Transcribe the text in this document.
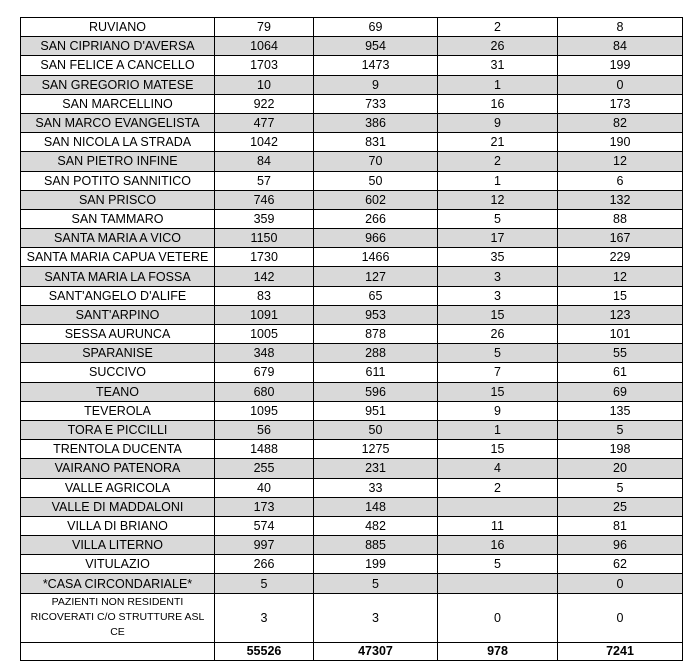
RUVIANO	79	69	2	8
SAN CIPRIANO D'AVERSA	1064	954	26	84
SAN FELICE A CANCELLO	1703	1473	31	199
SAN GREGORIO MATESE	10	9	1	0
SAN MARCELLINO	922	733	16	173
SAN MARCO EVANGELISTA	477	386	9	82
SAN NICOLA LA STRADA	1042	831	21	190
SAN PIETRO INFINE	84	70	2	12
SAN POTITO SANNITICO	57	50	1	6
SAN PRISCO	746	602	12	132
SAN TAMMARO	359	266	5	88
SANTA MARIA A VICO	1150	966	17	167
SANTA MARIA CAPUA VETERE	1730	1466	35	229
SANTA MARIA LA FOSSA	142	127	3	12
SANT'ANGELO D'ALIFE	83	65	3	15
SANT'ARPINO	1091	953	15	123
SESSA AURUNCA	1005	878	26	101
SPARANISE	348	288	5	55
SUCCIVO	679	611	7	61
TEANO	680	596	15	69
TEVEROLA	1095	951	9	135
TORA E PICCILLI	56	50	1	5
TRENTOLA DUCENTA	1488	1275	15	198
VAIRANO PATENORA	255	231	4	20
VALLE AGRICOLA	40	33	2	5
VALLE DI MADDALONI	173	148		25
VILLA DI BRIANO	574	482	11	81
VILLA LITERNO	997	885	16	96
VITULAZIO	266	199	5	62
*CASA CIRCONDARIALE*	5	5		0
PAZIENTI NON RESIDENTI RICOVERATI C/O STRUTTURE ASL CE	3	3	0	0
	55526	47307	978	7241
